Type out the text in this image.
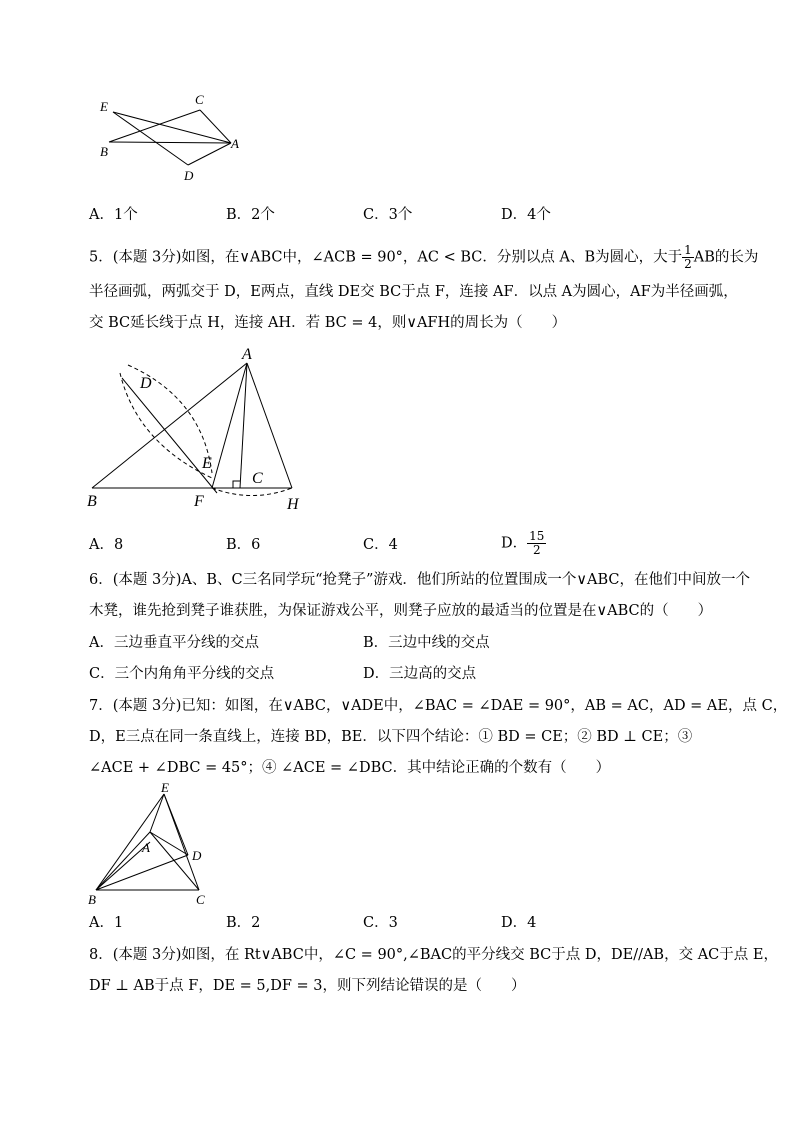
E	C
B
A
D
A．1个	B．2个	C．3个	D．4个
5．(本题 3分)如图，在∨ABC中，∠ACB = 90°，AC < BC．分别以点 A、B为圆心，大于 $\frac{1}{2}$ AB的长为
半径画弧，两弧交于 D，E两点，直线 DE交 BC于点 F，连接 AF．以点 A为圆心，AF为半径画弧，
交 BC延长线于点 H，连接 AH．若 BC = 4，则∨AFH的周长为（　　）
A
D
E
C
B	F	H
A．8	B．6	C．4	D． $\frac{15}{2}$
6．(本题 3分)A、B、C三名同学玩“抢凳子”游戏．他们所站的位置围成一个∨ABC，在他们中间放一个
木凳，谁先抢到凳子谁获胜，为保证游戏公平，则凳子应放的最适当的位置是在∨ABC的（　　）
A．三边垂直平分线的交点	B．三边中线的交点
C．三个内角角平分线的交点	D．三边高的交点
7．(本题 3分)已知：如图，在∨ABC，∨ADE中，∠BAC = ∠DAE = 90°，AB = AC，AD = AE，点 C，
D，E三点在同一条直线上，连接 BD，BE．以下四个结论：① BD = CE；② BD ⊥ CE；③
∠ACE + ∠DBC = 45°；④ ∠ACE = ∠DBC．其中结论正确的个数有（　　）
E
A
D
B	C
A．1	B．2	C．3	D．4
8．(本题 3分)如图，在 Rt∨ABC中，∠C = 90°,∠BAC的平分线交 BC于点 D，DE//AB，交 AC于点 E，
DF ⊥ AB于点 F，DE = 5,DF = 3，则下列结论错误的是（　　）
